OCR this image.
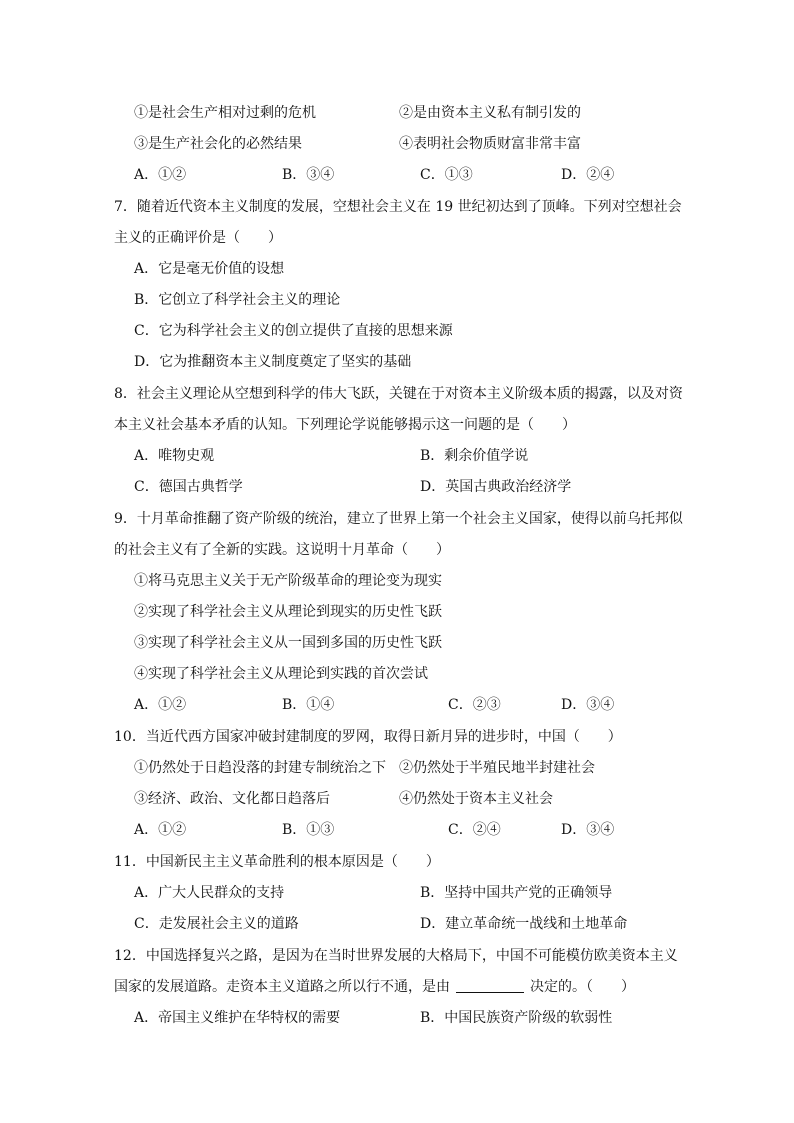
①是社会生产相对过剩的危机	②是由资本主义私有制引发的
③是生产社会化的必然结果	④表明社会物质财富非常丰富
A．①②	B．③④	C．①③	D．②④
7．随着近代资本主义制度的发展，空想社会主义在 19 世纪初达到了顶峰。下列对空想社会
主义的正确评价是（　　）
A．它是毫无价值的设想
B．它创立了科学社会主义的理论
C．它为科学社会主义的创立提供了直接的思想来源
D．它为推翻资本主义制度奠定了坚实的基础
8．社会主义理论从空想到科学的伟大飞跃，关键在于对资本主义阶级本质的揭露，以及对资
本主义社会基本矛盾的认知。下列理论学说能够揭示这一问题的是（　　）
A．唯物史观	B．剩余价值学说
C．德国古典哲学	D．英国古典政治经济学
9．十月革命推翻了资产阶级的统治，建立了世界上第一个社会主义国家，使得以前乌托邦似
的社会主义有了全新的实践。这说明十月革命（　　）
①将马克思主义关于无产阶级革命的理论变为现实
②实现了科学社会主义从理论到现实的历史性飞跃
③实现了科学社会主义从一国到多国的历史性飞跃
④实现了科学社会主义从理论到实践的首次尝试
A．①②	B．①④	C．②③	D．③④
10．当近代西方国家冲破封建制度的罗网，取得日新月异的进步时，中国（　　）
①仍然处于日趋没落的封建专制统治之下 ②仍然处于半殖民地半封建社会
③经济、政治、文化都日趋落后	④仍然处于资本主义社会
A．①②	B．①③	C．②④	D．③④
11．中国新民主主义革命胜利的根本原因是（　　）
A．广大人民群众的支持	B．坚持中国共产党的正确领导
C．走发展社会主义的道路	D．建立革命统一战线和土地革命
12．中国选择复兴之路，是因为在当时世界发展的大格局下，中国不可能模仿欧美资本主义
国家的发展道路。走资本主义道路之所以行不通，是由	决定的。（　　）
A．帝国主义维护在华特权的需要	B．中国民族资产阶级的软弱性
